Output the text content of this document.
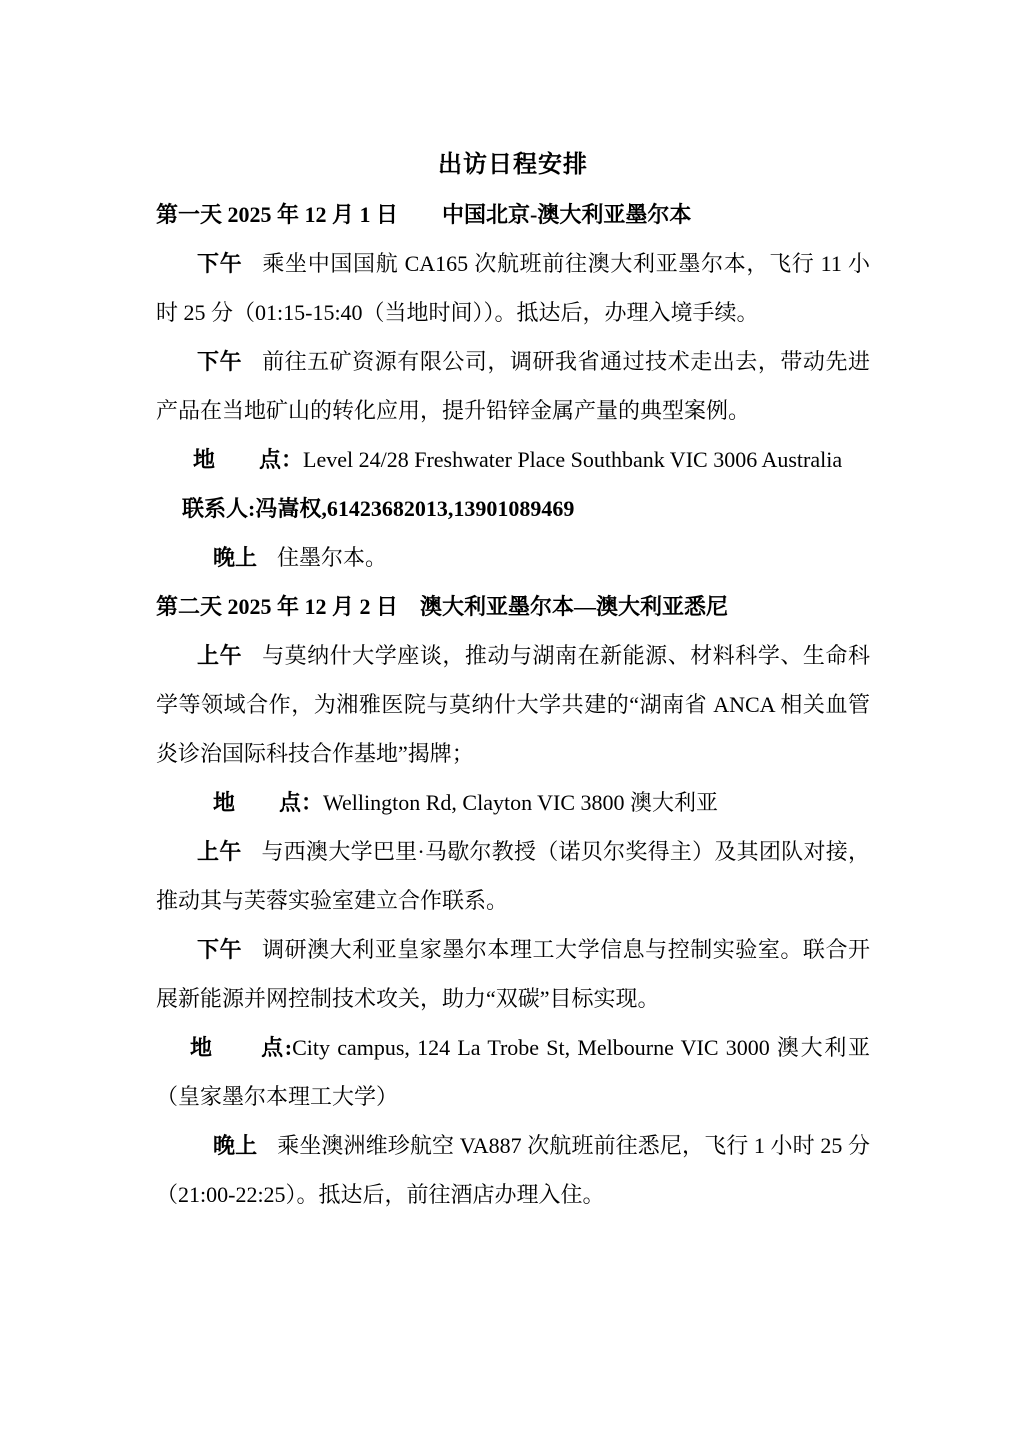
出访日程安排

第一天 2025 年 12 月 1 日　　中国北京-澳大利亚墨尔本

下午 乘坐中国国航 CA165 次航班前往澳大利亚墨尔本，飞行 11 小时 25 分（01:15-15:40（当地时间））。抵达后，办理入境手续。

下午 前往五矿资源有限公司，调研我省通过技术走出去，带动先进产品在当地矿山的转化应用，提升铅锌金属产量的典型案例。

地　　点：Level 24/28 Freshwater Place Southbank VIC 3006 Australia

联系人:冯嵩权,61423682013,13901089469

晚上 住墨尔本。

第二天 2025 年 12 月 2 日　澳大利亚墨尔本—澳大利亚悉尼

上午 与莫纳什大学座谈，推动与湖南在新能源、材料科学、生命科学等领域合作，为湘雅医院与莫纳什大学共建的“湖南省 ANCA 相关血管炎诊治国际科技合作基地”揭牌；

地　　点：Wellington Rd, Clayton VIC 3800 澳大利亚

上午 与西澳大学巴里·马歇尔教授（诺贝尔奖得主）及其团队对接，推动其与芙蓉实验室建立合作联系。

下午 调研澳大利亚皇家墨尔本理工大学信息与控制实验室。联合开展新能源并网控制技术攻关，助力“双碳”目标实现。

地　　点:City campus, 124 La Trobe St, Melbourne VIC 3000 澳大利亚（皇家墨尔本理工大学）

晚上 乘坐澳洲维珍航空 VA887 次航班前往悉尼，飞行 1 小时 25 分（21:00-22:25）。抵达后，前往酒店办理入住。
